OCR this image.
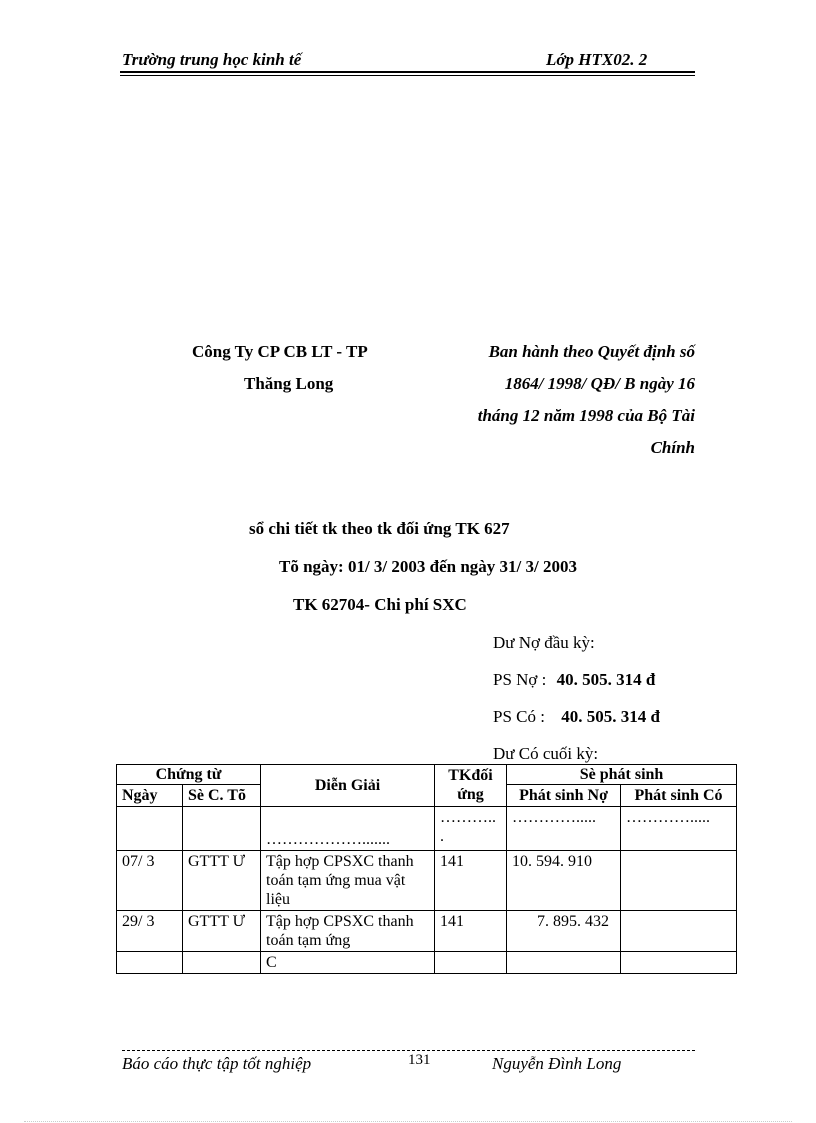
Trường trung học kinh tế	Lớp HTX02. 2
Công Ty CP CB LT - TP
Thăng Long
Ban hành theo Quyết định số
1864/ 1998/ QĐ/ B ngày 16
tháng 12 năm 1998 của Bộ Tài
Chính
sổ chi tiết tk theo tk đối ứng TK 627
Tõ ngày: 01/ 3/ 2003 đến ngày 31/ 3/ 2003
TK 62704- Chi phí SXC
Dư Nợ đầu kỳ:
PS Nợ : 40. 505. 314 đ
PS Có : 40. 505. 314 đ
Dư Có cuối kỳ:
Chứng từ		Diễn Giải	TKđối ứng	Sè phát sinh	
Ngày	Sè C. Tõ			Phát sinh Nợ	Phát sinh Có
		……………….......	……….. .	………….....	………….....
07/ 3	GTTT Ư	Tập hợp CPSXC thanh toán tạm ứng mua vật liệu	141	10. 594. 910	
29/ 3	GTTT Ư	Tập hợp CPSXC thanh toán tạm ứng	141	7. 895. 432	
		C			
Báo cáo thực tập tốt nghiệp	131	Nguyễn Đình Long
